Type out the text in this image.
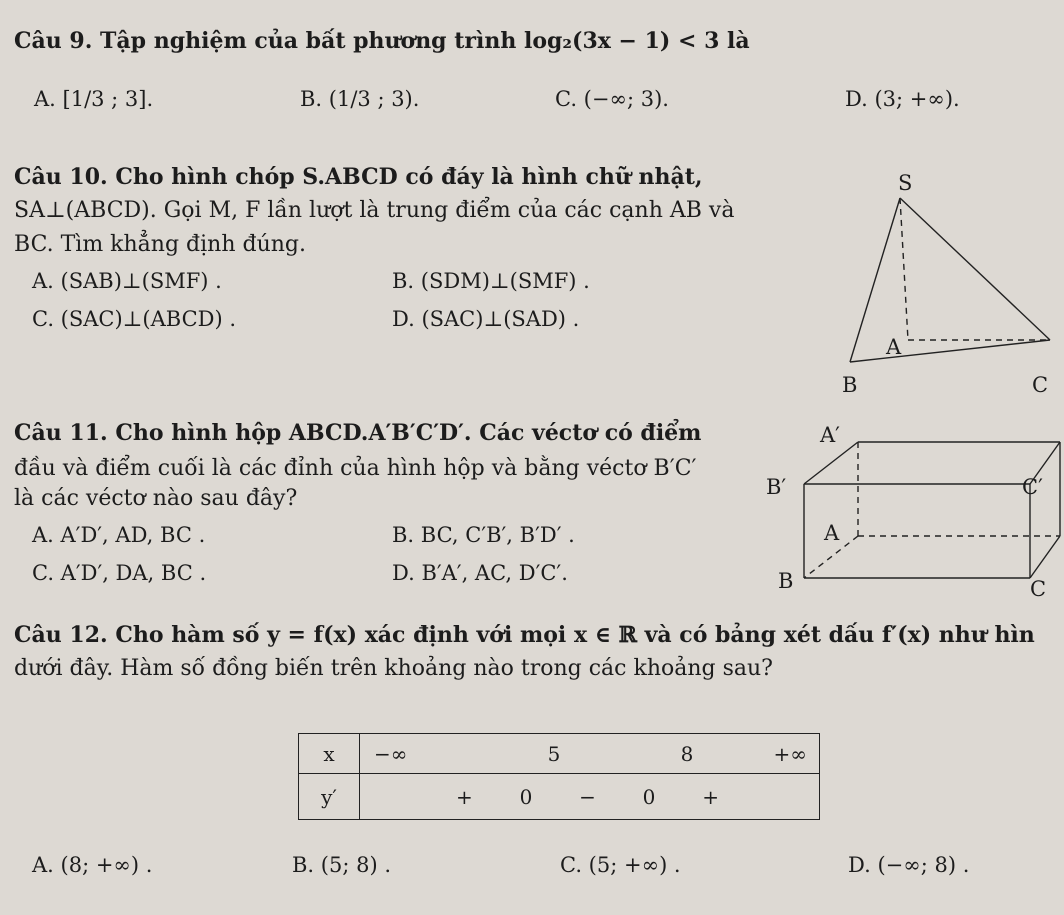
Câu 9. Tập nghiệm của bất phương trình log₂(3x − 1) < 3 là
A. [1/3 ; 3].	B. (1/3 ; 3).	C. (−∞; 3).	D. (3; +∞).
Câu 10. Cho hình chóp S.ABCD có đáy là hình chữ nhật,
SA⊥(ABCD). Gọi M, F lần lượt là trung điểm của các cạnh AB và
BC. Tìm khẳng định đúng.
A. (SAB)⊥(SMF) .	B. (SDM)⊥(SMF) .
C. (SAC)⊥(ABCD) .	D. (SAC)⊥(SAD) .
S
A
B	C
Câu 11. Cho hình hộp ABCD.A′B′C′D′. Các véctơ có điểm
đầu và điểm cuối là các đỉnh của hình hộp và bằng véctơ B′C′
là các véctơ nào sau đây?
A. A′D′, AD, BC .	B. BC, C′B′, B′D′ .
C. A′D′, DA, BC .	D. B′A′, AC, D′C′.
A′
B′	C′
A
B	C
Câu 12. Cho hàm số y = f(x) xác định với mọi x ∈ ℝ và có bảng xét dấu f′(x) như hìn
dưới đây. Hàm số đồng biến trên khoảng nào trong các khoảng sau?
x	−∞ 5 8 +∞

y′	+ 0 − 0 +
A. (8; +∞) .	B. (5; 8) .	C. (5; +∞) .	D. (−∞; 8) .
